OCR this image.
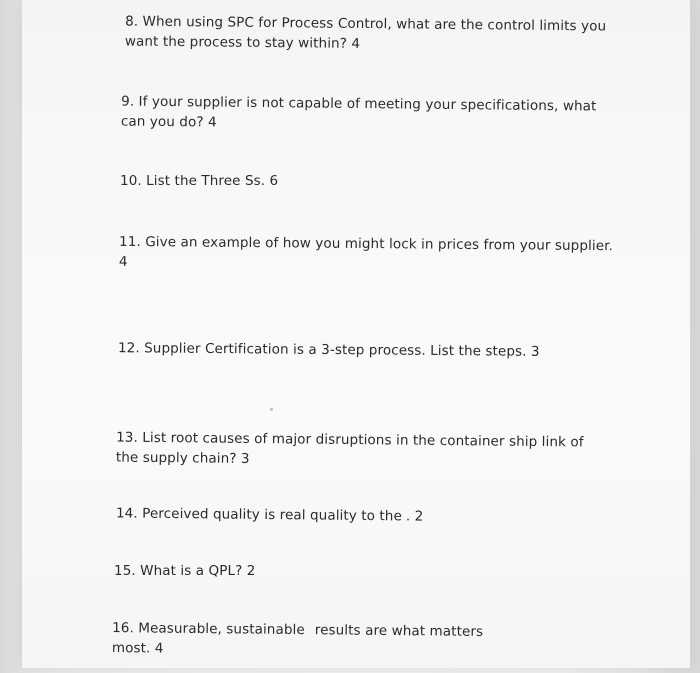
8. When using SPC for Process Control, what are the control limits you
want the process to stay within? 4
9. If your supplier is not capable of meeting your specifications, what
can you do? 4
10. List the Three Ss. 6
11. Give an example of how you might lock in prices from your supplier.
4
12. Supplier Certification is a 3-step process. List the steps. 3
13. List root causes of major disruptions in the container ship link of
the supply chain? 3
14. Perceived quality is real quality to the . 2
15. What is a QPL? 2
16. Measurable, sustainable results are what matters
most. 4
